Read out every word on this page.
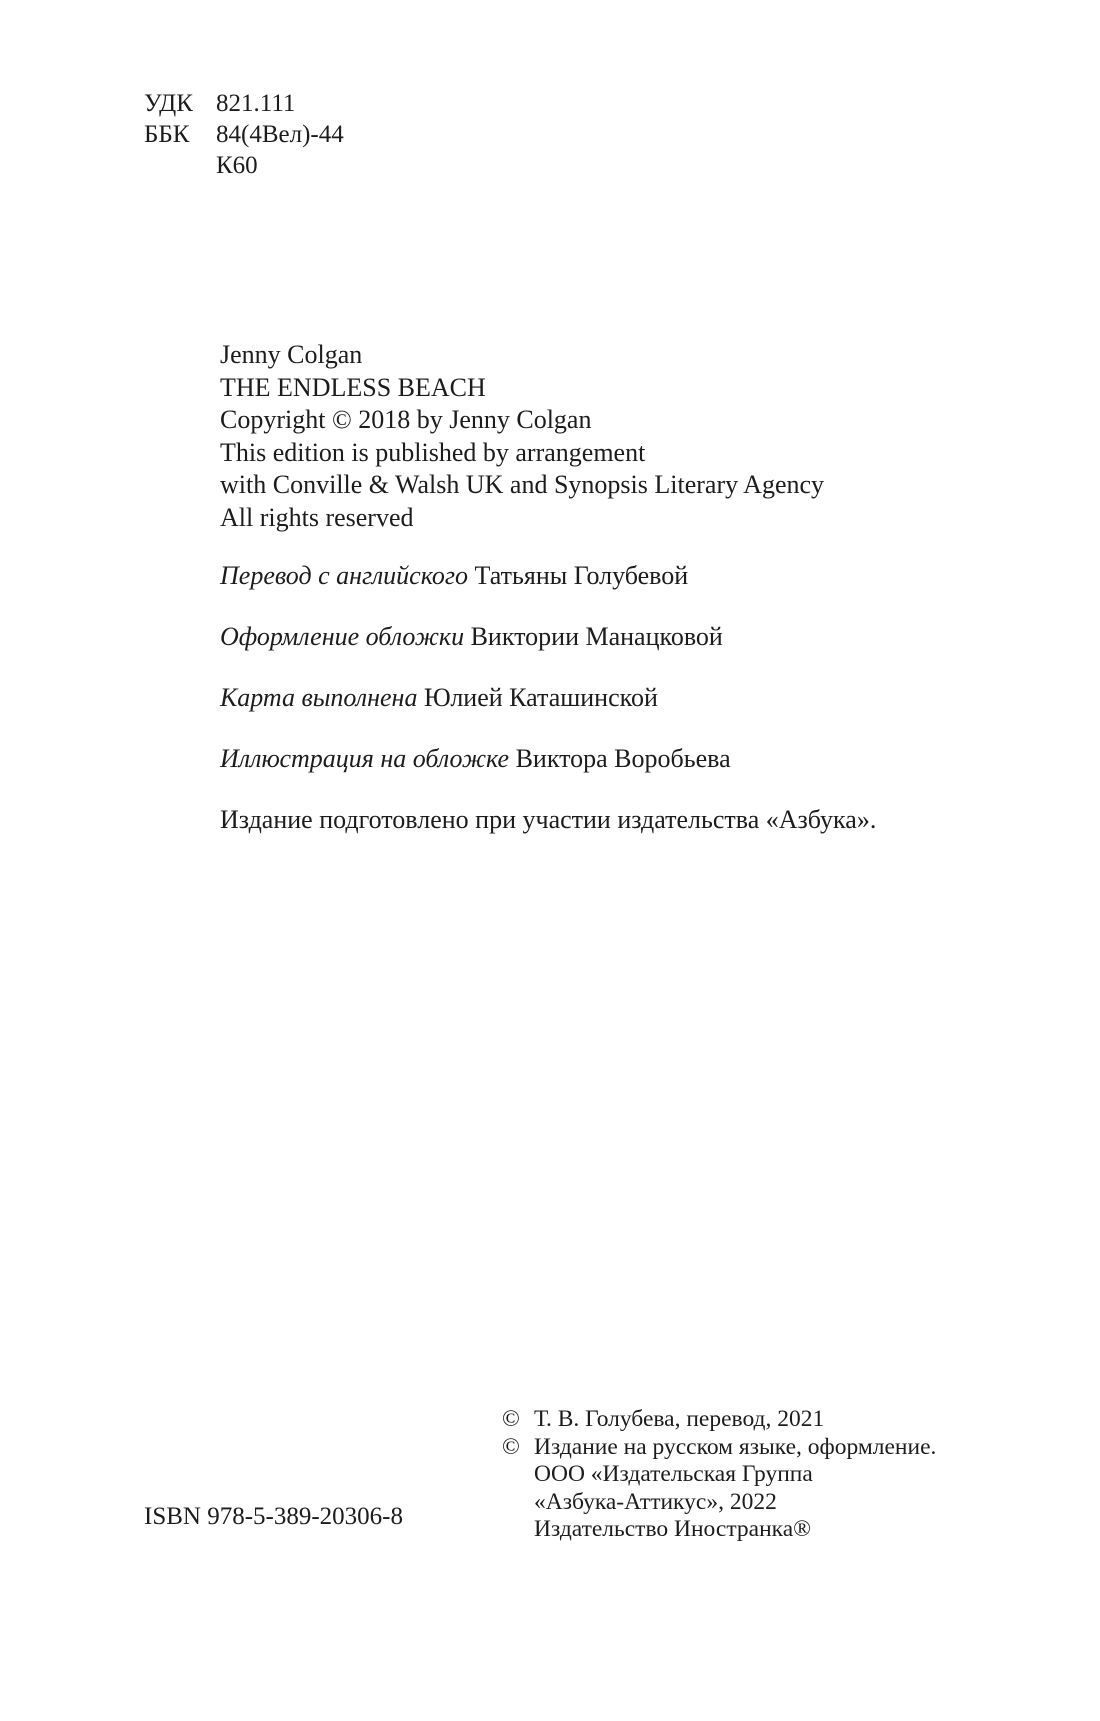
УДК 821.111
ББК	84(4Вел)-44
К60
Jenny Colgan
THE ENDLESS BEACH
Copyright © 2018 by Jenny Colgan
This edition is published by arrangement
with Conville & Walsh UK and Synopsis Literary Agency
All rights reserved
Перевод с английского Татьяны Голубевой
Оформление обложки Виктории Манацковой
Карта выполнена Юлией Каташинской
Иллюстрация на обложке Виктора Воробьева
Издание подготовлено при участии издательства «Азбука».
© Т. В. Голубева, перевод, 2021
© Издание на русском языке, оформление.
ООО «Издательская Группа
«Азбука-Аттикус», 2022
Издательство Иностранка®
ISBN 978-5-389-20306-8
